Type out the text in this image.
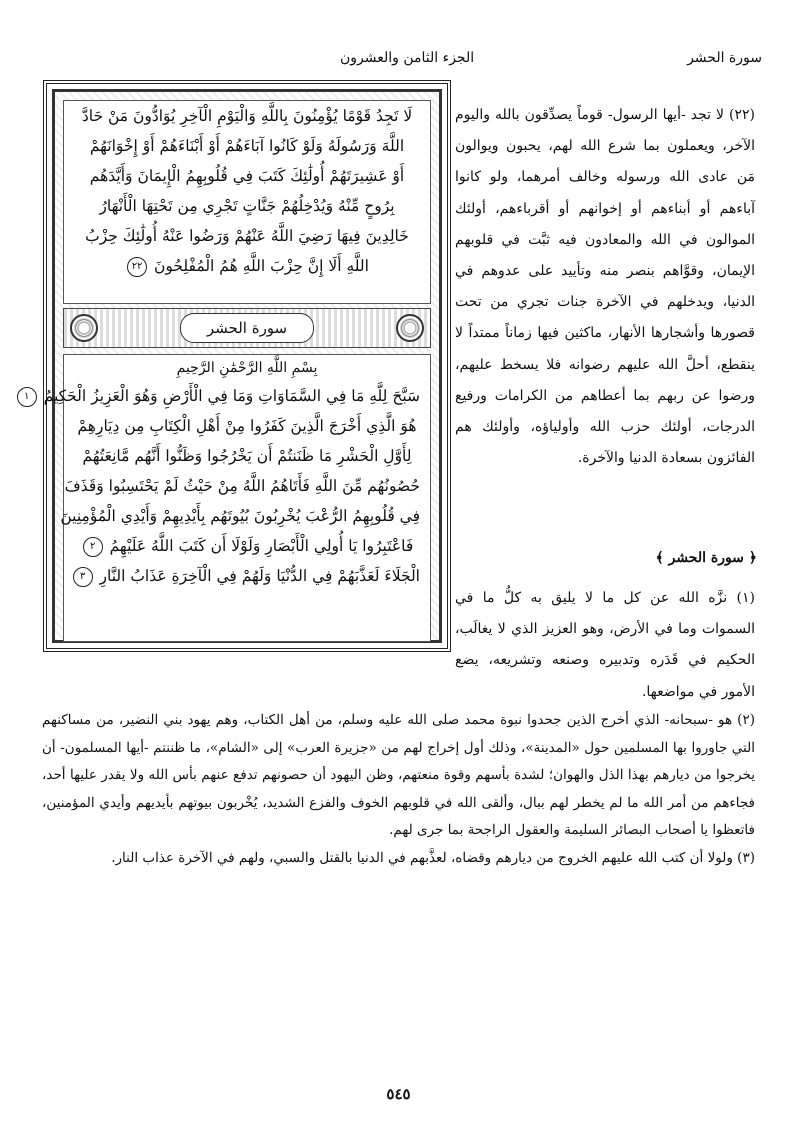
سورة الحشر
الجزء الثامن والعشرون
لَا تَجِدُ قَوْمًا يُؤْمِنُونَ بِاللَّهِ وَالْيَوْمِ الْآخِرِ يُوَادُّونَ مَنْ حَادَّ
اللَّهَ وَرَسُولَهُ وَلَوْ كَانُوا آبَاءَهُمْ أَوْ أَبْنَاءَهُمْ أَوْ إِخْوَانَهُمْ
أَوْ عَشِيرَتَهُمْ أُولَٰئِكَ كَتَبَ فِي قُلُوبِهِمُ الْإِيمَانَ وَأَيَّدَهُم
بِرُوحٍ مِّنْهُ وَيُدْخِلُهُمْ جَنَّاتٍ تَجْرِي مِن تَحْتِهَا الْأَنْهَارُ
خَالِدِينَ فِيهَا رَضِيَ اللَّهُ عَنْهُمْ وَرَضُوا عَنْهُ أُولَٰئِكَ حِزْبُ
اللَّهِ أَلَا إِنَّ حِزْبَ اللَّهِ هُمُ الْمُفْلِحُونَ ٢٢
سورة الحشر
بِسْمِ اللَّهِ الرَّحْمَٰنِ الرَّحِيمِ
سَبَّحَ لِلَّهِ مَا فِي السَّمَاوَاتِ وَمَا فِي الْأَرْضِ وَهُوَ الْعَزِيزُ الْحَكِيمُ ١
هُوَ الَّذِي أَخْرَجَ الَّذِينَ كَفَرُوا مِنْ أَهْلِ الْكِتَابِ مِن دِيَارِهِمْ
لِأَوَّلِ الْحَشْرِ مَا ظَنَنتُمْ أَن يَخْرُجُوا وَظَنُّوا أَنَّهُم مَّانِعَتُهُمْ
حُصُونُهُم مِّنَ اللَّهِ فَأَتَاهُمُ اللَّهُ مِنْ حَيْثُ لَمْ يَحْتَسِبُوا وَقَذَفَ
فِي قُلُوبِهِمُ الرُّعْبَ يُخْرِبُونَ بُيُوتَهُم بِأَيْدِيهِمْ وَأَيْدِي الْمُؤْمِنِينَ
فَاعْتَبِرُوا يَا أُولِي الْأَبْصَارِ وَلَوْلَا أَن كَتَبَ اللَّهُ عَلَيْهِمُ ٢
الْجَلَاءَ لَعَذَّبَهُمْ فِي الدُّنْيَا وَلَهُمْ فِي الْآخِرَةِ عَذَابُ النَّارِ ٣

(٢٢) لا تجد -أيها الرسول- قوماً يصدِّقون بالله واليوم الآخر، ويعملون بما شرع الله لهم، يحبون ويوالون مَن عادى الله ورسوله وخالف أمرهما، ولو كانوا آباءهم أو أبناءهم أو إخوانهم أو أقرباءهم، أولئك الموالون في الله والمعادون فيه ثبَّت في قلوبهم الإيمان، وقوَّاهم بنصر منه وتأييد على عدوهم في الدنيا، ويدخلهم في الآخرة جنات تجري من تحت قصورها وأشجارها الأنهار، ماكثين فيها زماناً ممتداً لا ينقطع، أحلَّ الله عليهم رضوانه فلا يسخط عليهم، ورضوا عن ربهم بما أعطاهم من الكرامات ورفيع الدرجات، أولئك حزب الله وأولياؤه، وأولئك هم الفائزون بسعادة الدنيا والآخرة.

﴿ سورة الحشر ﴾

(١) نزَّه الله عن كل ما لا يليق به كلُّ ما في السموات وما في الأرض، وهو العزيز الذي لا يغالَب، الحكيم في قَدَره وتدبيره وصنعه وتشريعه، يضع الأمور في مواضعها.

(٢) هو -سبحانه- الذي أخرج الذين جحدوا نبوة محمد صلى الله عليه وسلم، من أهل الكتاب، وهم يهود بني النضير، من مساكنهم التي جاوروا بها المسلمين حول «المدينة»، وذلك أول إخراج لهم من «جزيرة العرب» إلى «الشام»، ما ظننتم -أيها المسلمون- أن يخرجوا من ديارهم بهذا الذل والهوان؛ لشدة بأسهم وقوة منعتهم، وظن اليهود أن حصونهم تدفع عنهم بأس الله ولا يقدر عليها أحد، فجاءهم من أمر الله ما لم يخطر لهم ببال، وألقى الله في قلوبهم الخوف والفزع الشديد، يُخْربون بيوتهم بأيديهم وأيدي المؤمنين، فاتعظوا يا أصحاب البصائر السليمة والعقول الراجحة بما جرى لهم.

(٣) ولولا أن كتب الله عليهم الخروج من ديارهم وقضاه، لعذَّبهم في الدنيا بالقتل والسبي، ولهم في الآخرة عذاب النار.

٥٤٥
